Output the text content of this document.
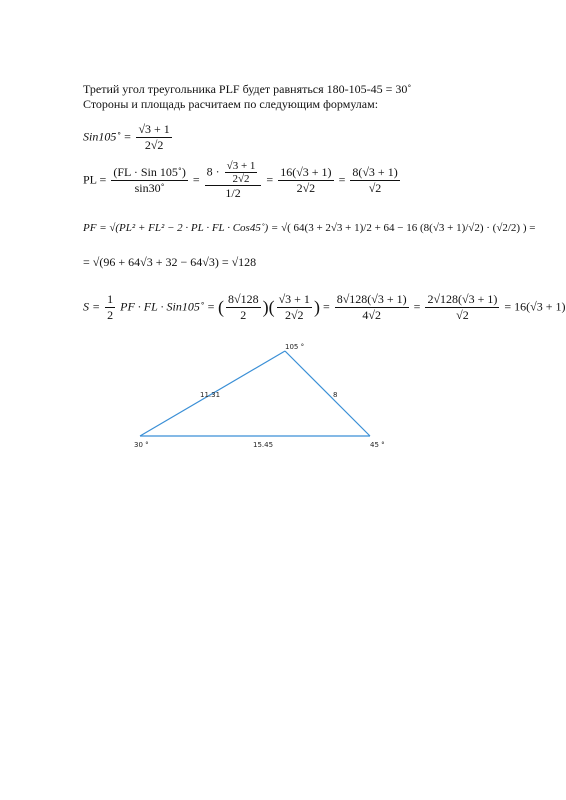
Третий угол треугольника PLF будет равняться 180-105-45 = 30˚
Стороны и площадь расчитаем по следующим формулам:
Sin105˚ = $\frac{√3 + 1}{2√2}$
PL = $\frac{\text{(FL · Sin 105˚)}}{\sin 30˚} = \frac{8 \cdot \frac{√3 + 1}{2√2}}{1/2} = \frac{16(√3 + 1)}{2√2} = \frac{8(√3 + 1)}{√2}$
PF = √(PL² + FL² − 2 · PL · FL · Cos45˚) = √( 64(3 + 2√3 + 1)/2 + 64 − 16 (8(√3 + 1)/√2) · (√2/2) ) =
= √(96 + 64√3 + 32 − 64√3) = √128
$S = \frac{1}{2}$ PF · FL · Sin105˚ = ( $\frac{8√128}{2}$ )( $\frac{√3 + 1}{2√2}$ ) = $\frac{8√128(√3 + 1)}{4√2} = \frac{2√128(√3 + 1)}{√2} = 16(√3 + 1)$
105 °
30 °	45 °
11.31	8
15.45
